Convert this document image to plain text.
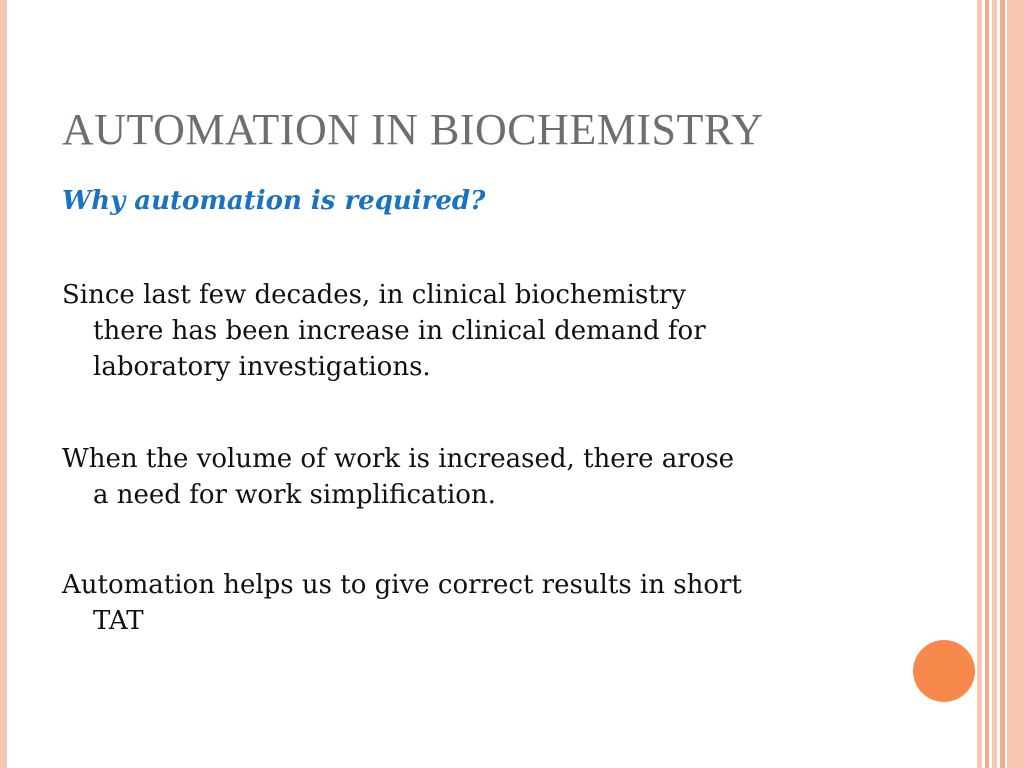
AUTOMATION IN BIOCHEMISTRY

Why automation is required?

Since last few decades, in clinical biochemistry
there has been increase in clinical demand for
laboratory investigations.

When the volume of work is increased, there arose
a need for work simplification.

Automation helps us to give correct results in short
TAT
